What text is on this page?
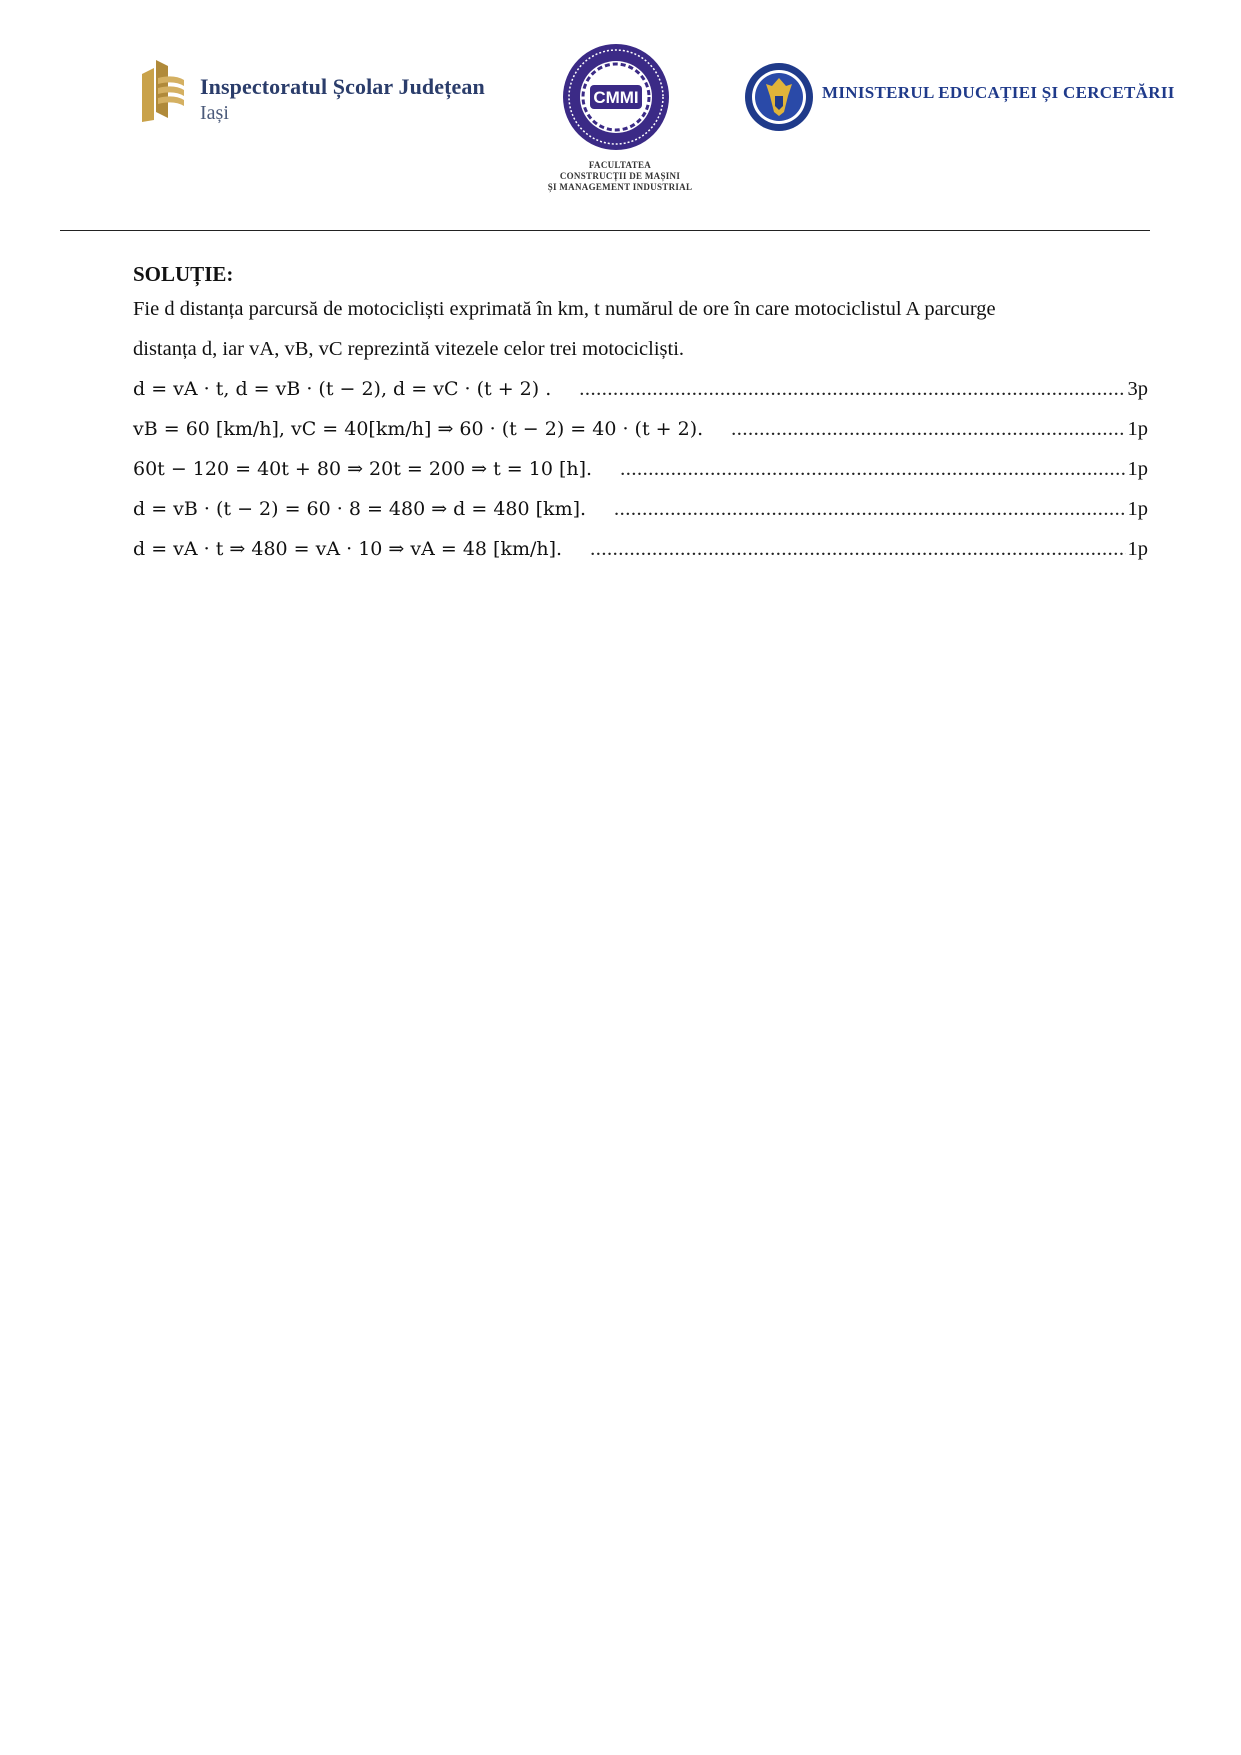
Inspectoratul Școlar Județean
Iași
CMMI
FACULTATEA
CONSTRUCȚII DE MAȘINI
ȘI MANAGEMENT INDUSTRIAL
MINISTERUL EDUCAȚIEI ȘI CERCETĂRII
SOLUȚIE:
Fie d distanța parcursă de motocicliști exprimată în km, t numărul de ore în care motociclistul A parcurge
distanța d, iar vA, vB, vC reprezintă vitezele celor trei motocicliști.
d = vA · t, d = vB · (t − 2), d = vC · (t + 2) . .....	3p
vB = 60 [km/h], vC = 40[km/h] ⇒ 60 · (t − 2) = 40 · (t + 2). .....	1p
60t − 120 = 40t + 80 ⇒ 20t = 200 ⇒ t = 10 [h]. .....	1p
d = vB · (t − 2) = 60 · 8 = 480 ⇒ d = 480 [km]. .....	1p
d = vA · t ⇒ 480 = vA · 10 ⇒ vA = 48 [km/h]. .....	1p
